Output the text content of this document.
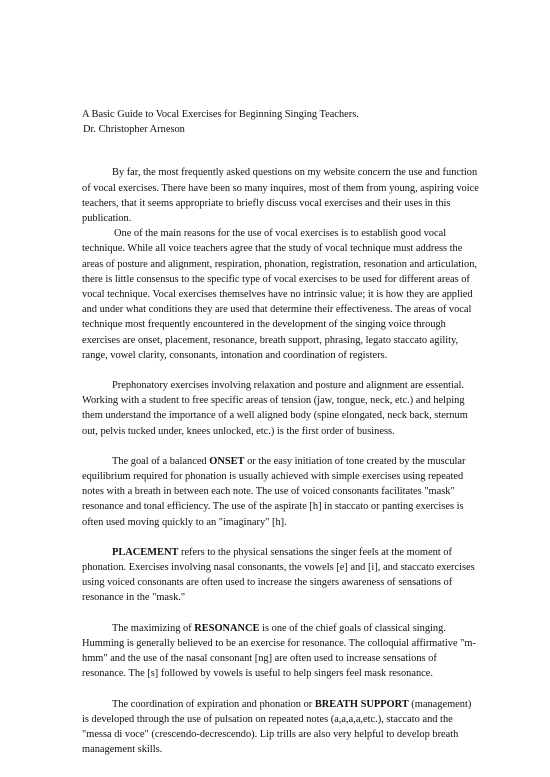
A Basic Guide to Vocal Exercises for Beginning Singing Teachers.
Dr. Christopher Arneson

By far, the most frequently asked questions on my website concern the use and function of vocal exercises. There have been so many inquires, most of them from young, aspiring voice teachers, that it seems appropriate to briefly discuss vocal exercises and their uses in this publication.

One of the main reasons for the use of vocal exercises is to establish good vocal technique. While all voice teachers agree that the study of vocal technique must address the areas of posture and alignment, respiration, phonation, registration, resonation and articulation, there is little consensus to the specific type of vocal exercises to be used for different areas of vocal technique. Vocal exercises themselves have no intrinsic value; it is how they are applied and under what conditions they are used that determine their effectiveness. The areas of vocal technique most frequently encountered in the development of the singing voice through exercises are onset, placement, resonance, breath support, phrasing, legato staccato agility, range, vowel clarity, consonants, intonation and coordination of registers.

Prephonatory exercises involving relaxation and posture and alignment are essential. Working with a student to free specific areas of tension (jaw, tongue, neck, etc.) and helping them understand the importance of a well aligned body (spine elongated, neck back, sternum out, pelvis tucked under, knees unlocked, etc.) is the first order of business.

The goal of a balanced ONSET or the easy initiation of tone created by the muscular equilibrium required for phonation is usually achieved with simple exercises using repeated notes with a breath in between each note. The use of voiced consonants facilitates "mask" resonance and tonal efficiency. The use of the aspirate [h] in staccato or panting exercises is often used moving quickly to an "imaginary" [h].

PLACEMENT refers to the physical sensations the singer feels at the moment of phonation. Exercises involving nasal consonants, the vowels [e] and [i], and staccato exercises using voiced consonants are often used to increase the singers awareness of sensations of resonance in the "mask."

The maximizing of RESONANCE is one of the chief goals of classical singing. Humming is generally believed to be an exercise for resonance. The colloquial affirmative "m-hmm" and the use of the nasal consonant [ng] are often used to increase sensations of resonance. The [s] followed by vowels is useful to help singers feel mask resonance.

The coordination of expiration and phonation or BREATH SUPPORT (management) is developed through the use of pulsation on repeated notes (a,a,a,a,etc.), staccato and the "messa di voce" (crescendo-decrescendo). Lip trills are also very helpful to develop breath management skills.
